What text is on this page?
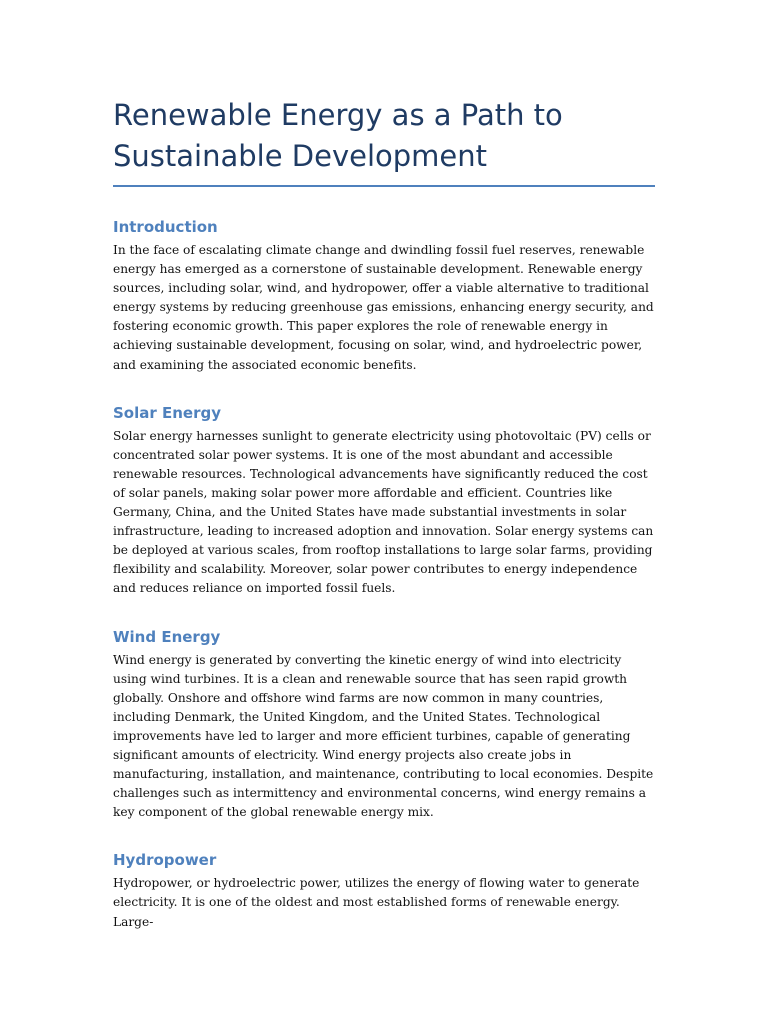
Renewable Energy as a Path to Sustainable Development
Introduction

In the face of escalating climate change and dwindling fossil fuel reserves, renewable energy has emerged as a cornerstone of sustainable development. Renewable energy sources, including solar, wind, and hydropower, offer a viable alternative to traditional energy systems by reducing greenhouse gas emissions, enhancing energy security, and fostering economic growth. This paper explores the role of renewable energy in achieving sustainable development, focusing on solar, wind, and hydroelectric power, and examining the associated economic benefits.

Solar Energy

Solar energy harnesses sunlight to generate electricity using photovoltaic (PV) cells or concentrated solar power systems. It is one of the most abundant and accessible renewable resources. Technological advancements have significantly reduced the cost of solar panels, making solar power more affordable and efficient. Countries like Germany, China, and the United States have made substantial investments in solar infrastructure, leading to increased adoption and innovation. Solar energy systems can be deployed at various scales, from rooftop installations to large solar farms, providing flexibility and scalability. Moreover, solar power contributes to energy independence and reduces reliance on imported fossil fuels.

Wind Energy

Wind energy is generated by converting the kinetic energy of wind into electricity using wind turbines. It is a clean and renewable source that has seen rapid growth globally. Onshore and offshore wind farms are now common in many countries, including Denmark, the United Kingdom, and the United States. Technological improvements have led to larger and more efficient turbines, capable of generating significant amounts of electricity. Wind energy projects also create jobs in manufacturing, installation, and maintenance, contributing to local economies. Despite challenges such as intermittency and environmental concerns, wind energy remains a key component of the global renewable energy mix.

Hydropower

Hydropower, or hydroelectric power, utilizes the energy of flowing water to generate electricity. It is one of the oldest and most established forms of renewable energy. Large-
